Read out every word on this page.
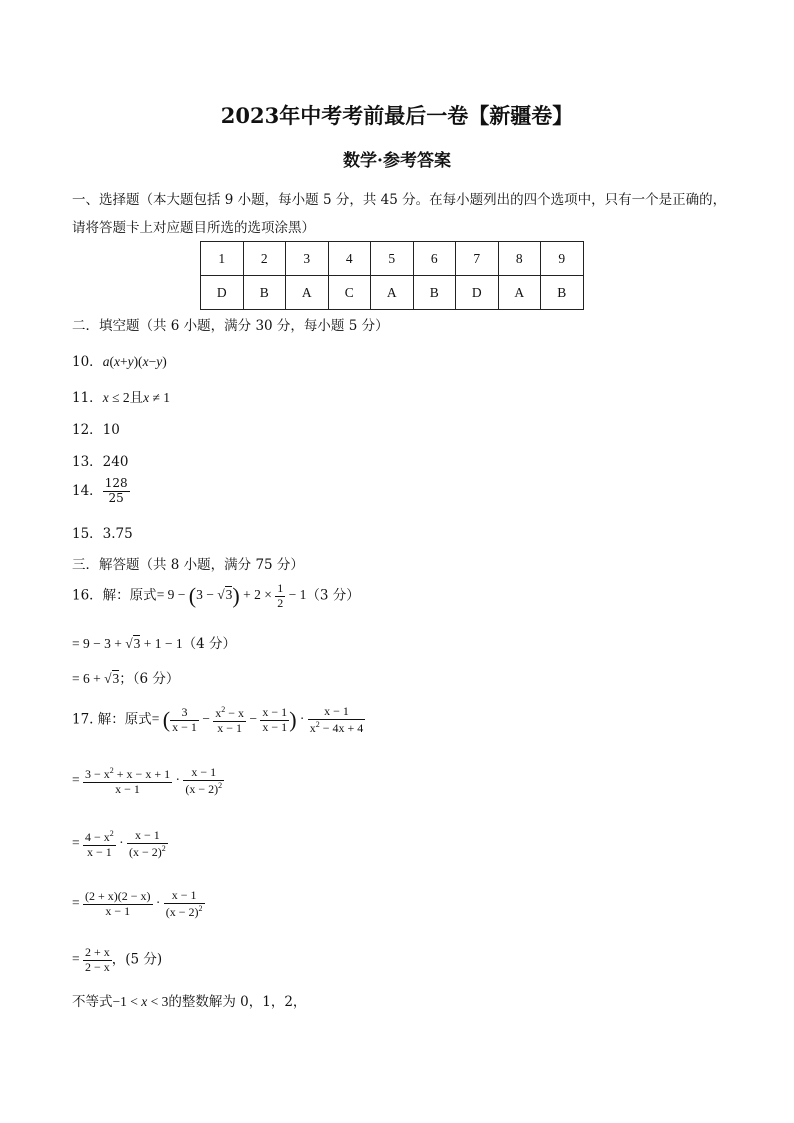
2023年中考考前最后一卷【新疆卷】
数学·参考答案
一、选择题（本大题包括 9 小题，每小题 5 分，共 45 分。在每小题列出的四个选项中，只有一个是正确的，
请将答题卡上对应题目所选的选项涂黑）
1	2	3	4	5	6	7	8	9
D	B	A	C	A	B	D	A	B
二．填空题（共 6 小题，满分 30 分，每小题 5 分）
10．a(x+y)(x−y)
11．x ≤ 2且x ≠ 1
12．10
13．240
14． $\frac{128}{25}$
15．3.75
三．解答题（共 8 小题，满分 75 分）
16．解：原式= $9 - (3 - √3) + 2 \times \frac{1}{2} - 1(3$ 分）
= 9 − 3 + √3 + 1 − 1（4 分）
= 6 + √3；（6 分）
17. 解：原式= ( $\frac{3}{x - 1} - \frac{x^2 - x}{x - 1} - \frac{x - 1}{x - 1}$ ) · $\frac{x - 1}{x^2 - 4x + 4}$
= $\frac{3 - x^2 + x - x + 1}{x - 1} \cdot \frac{x - 1}{(x - 2)^2}$
= $\frac{4 - x^2}{x - 1} \cdot \frac{x - 1}{(x - 2)^2}$
= $\frac{(2 + x)(2 - x)}{x - 1} \cdot \frac{x - 1}{(x - 2)^2}$
= $\frac{2 + x}{2 - x}$ ，(5 分)
不等式−1 < x < 3的整数解为 0，1，2，
